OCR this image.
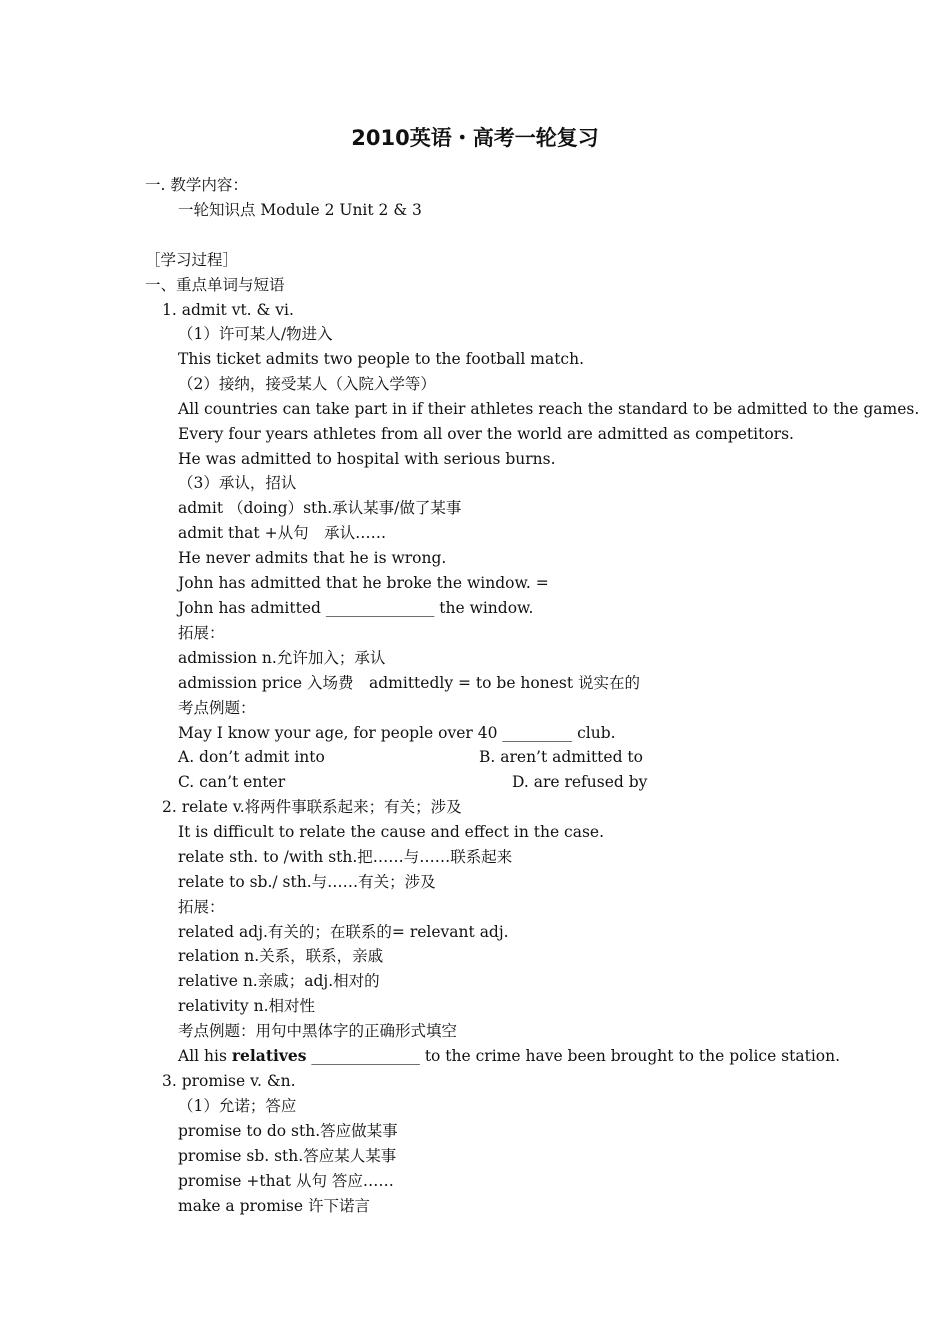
2010英语・高考一轮复习
一. 教学内容：
一轮知识点 Module 2 Unit 2 & 3
［学习过程］
一、重点单词与短语
1. admit vt. & vi.
（1）许可某人/物进入
This ticket admits two people to the football match.
（2）接纳，接受某人（入院入学等）
All countries can take part in if their athletes reach the standard to be admitted to the games.
Every four years athletes from all over the world are admitted as competitors.
He was admitted to hospital with serious burns.
（3）承认，招认
admit （doing）sth.承认某事/做了某事
admit that +从句　承认……
He never admits that he is wrong.
John has admitted that he broke the window. =
John has admitted ______________ the window.
拓展：
admission n.允许加入；承认
admission price 入场费　admittedly = to be honest 说实在的
考点例题：
May I know your age, for people over 40 _________ club.
A. don’t admit into	B. aren’t admitted to
C. can’t enter	D. are refused by
2. relate v.将两件事联系起来；有关；涉及
It is difficult to relate the cause and effect in the case.
relate sth. to /with sth.把……与……联系起来
relate to sb./ sth.与……有关；涉及
拓展：
related adj.有关的；在联系的= relevant adj.
relation n.关系，联系，亲戚
relative n.亲戚；adj.相对的
relativity n.相对性
考点例题：用句中黑体字的正确形式填空
All his relatives ______________ to the crime have been brought to the police station.
3. promise v. &n.
（1）允诺；答应
promise to do sth.答应做某事
promise sb. sth.答应某人某事
promise +that 从句 答应……
make a promise 许下诺言
